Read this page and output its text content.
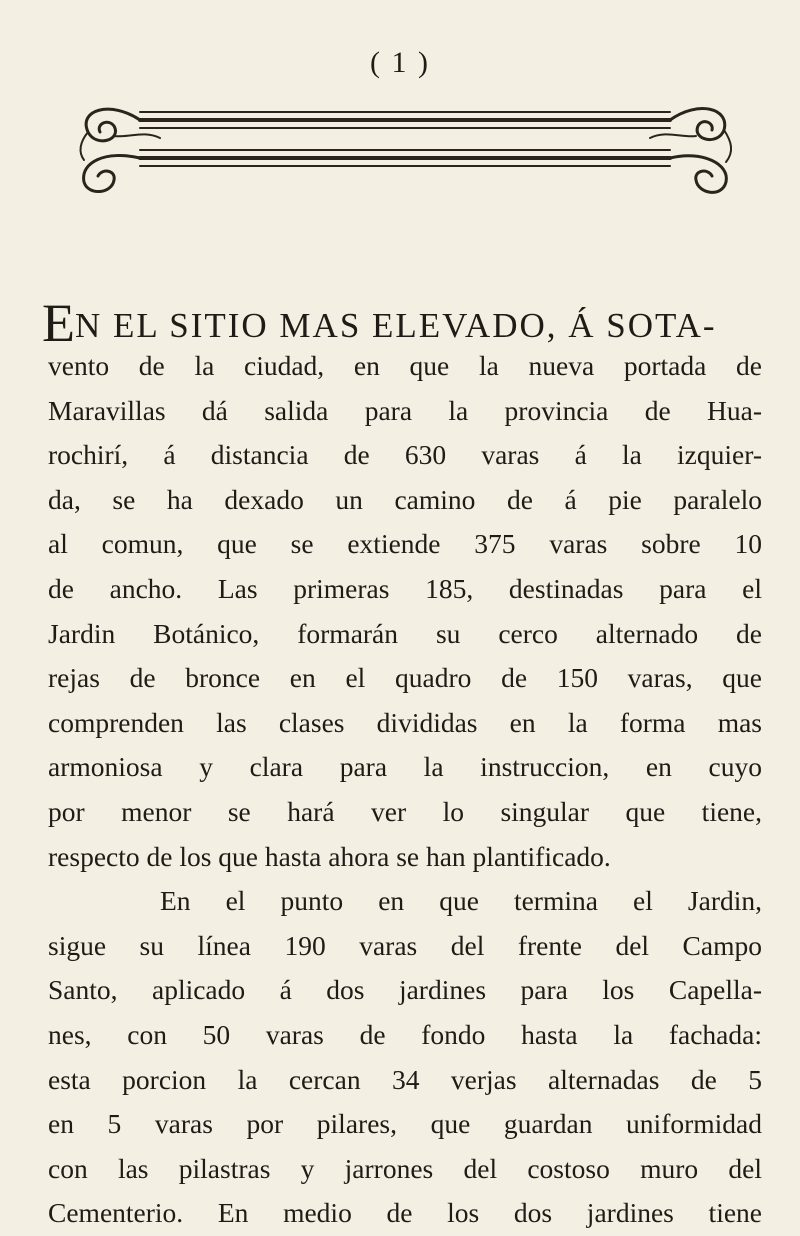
( 1 )
EN EL SITIO MAS ELEVADO, Á SOTA-
vento de la ciudad, en que la nueva portada de
Maravillas dá salida para la provincia de Hua-
rochirí, á distancia de 630 varas á la izquier-
da, se ha dexado un camino de á pie paralelo
al comun, que se extiende 375 varas sobre 10
de ancho. Las primeras 185, destinadas para el
Jardin Botánico, formarán su cerco alternado de
rejas de bronce en el quadro de 150 varas, que
comprenden las clases divididas en la forma mas
armoniosa y clara para la instruccion, en cuyo
por menor se hará ver lo singular que tiene,
respecto de los que hasta ahora se han plantificado.
En el punto en que termina el Jardin,
sigue su línea 190 varas del frente del Campo
Santo, aplicado á dos jardines para los Capella-
nes, con 50 varas de fondo hasta la fachada:
esta porcion la cercan 34 verjas alternadas de 5
en 5 varas por pilares, que guardan uniformidad
con las pilastras y jarrones del costoso muro del
Cementerio. En medio de los dos jardines tiene
